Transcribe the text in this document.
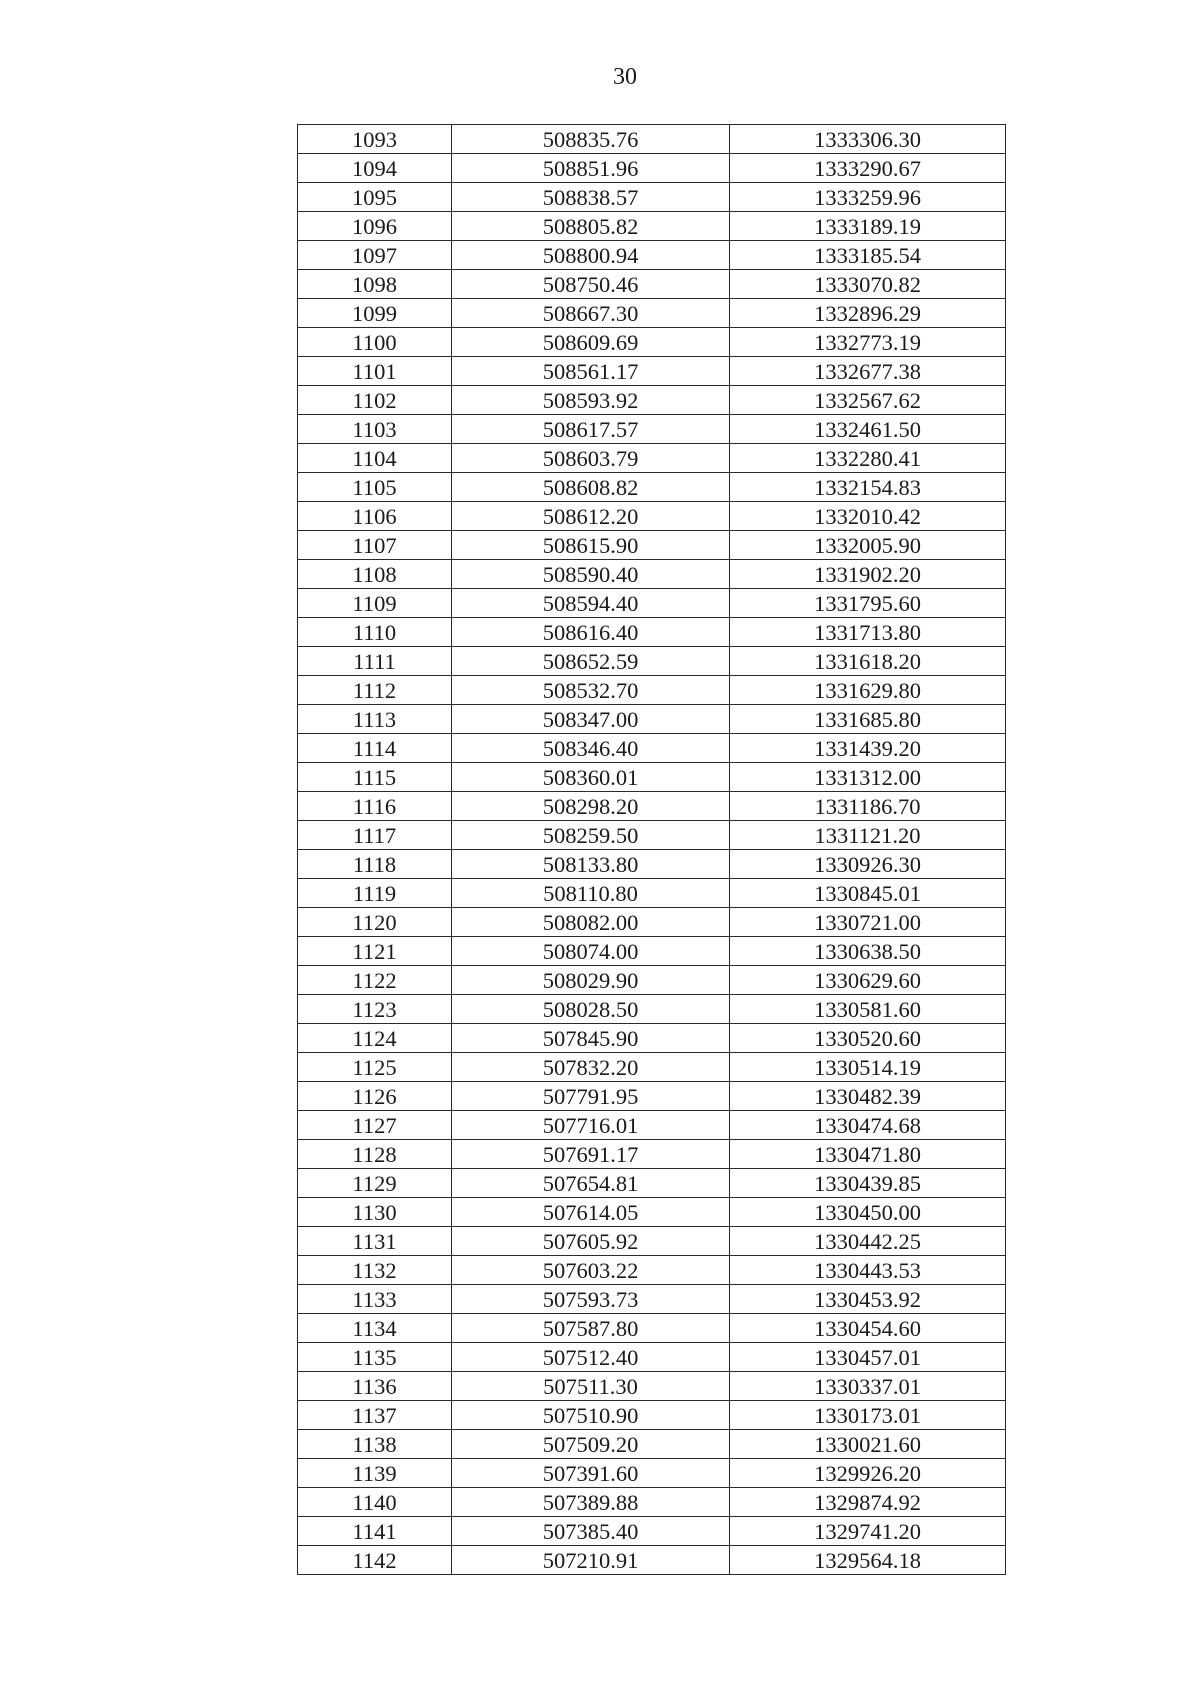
30
1093	508835.76	1333306.30
1094	508851.96	1333290.67
1095	508838.57	1333259.96
1096	508805.82	1333189.19
1097	508800.94	1333185.54
1098	508750.46	1333070.82
1099	508667.30	1332896.29
1100	508609.69	1332773.19
1101	508561.17	1332677.38
1102	508593.92	1332567.62
1103	508617.57	1332461.50
1104	508603.79	1332280.41
1105	508608.82	1332154.83
1106	508612.20	1332010.42
1107	508615.90	1332005.90
1108	508590.40	1331902.20
1109	508594.40	1331795.60
1110	508616.40	1331713.80
1111	508652.59	1331618.20
1112	508532.70	1331629.80
1113	508347.00	1331685.80
1114	508346.40	1331439.20
1115	508360.01	1331312.00
1116	508298.20	1331186.70
1117	508259.50	1331121.20
1118	508133.80	1330926.30
1119	508110.80	1330845.01
1120	508082.00	1330721.00
1121	508074.00	1330638.50
1122	508029.90	1330629.60
1123	508028.50	1330581.60
1124	507845.90	1330520.60
1125	507832.20	1330514.19
1126	507791.95	1330482.39
1127	507716.01	1330474.68
1128	507691.17	1330471.80
1129	507654.81	1330439.85
1130	507614.05	1330450.00
1131	507605.92	1330442.25
1132	507603.22	1330443.53
1133	507593.73	1330453.92
1134	507587.80	1330454.60
1135	507512.40	1330457.01
1136	507511.30	1330337.01
1137	507510.90	1330173.01
1138	507509.20	1330021.60
1139	507391.60	1329926.20
1140	507389.88	1329874.92
1141	507385.40	1329741.20
1142	507210.91	1329564.18
